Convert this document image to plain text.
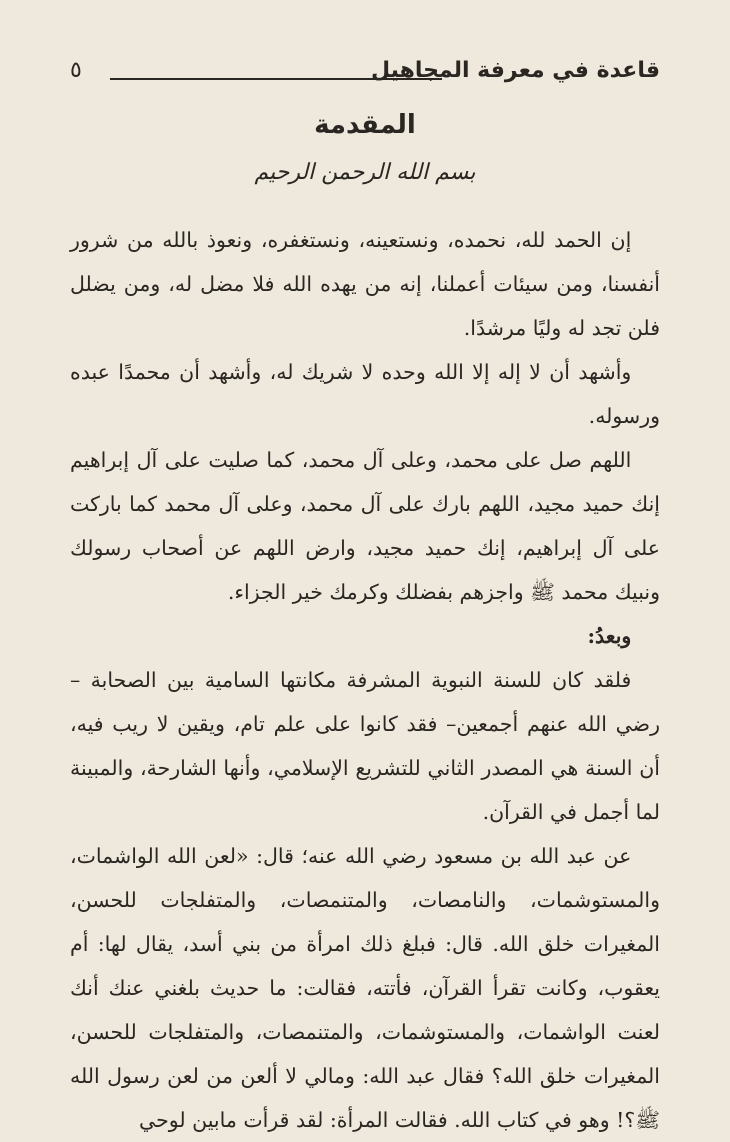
قاعدة في معرفة المجاهيل
٥
المقدمة
بسم الله الرحمن الرحيم

إن الحمد لله، نحمده، ونستعينه، ونستغفره، ونعوذ بالله من شرور أنفسنا، ومن سيئات أعملنا، إنه من يهده الله فلا مضل له، ومن يضلل فلن تجد له وليًا مرشدًا.

وأشهد أن لا إله إلا الله وحده لا شريك له، وأشهد أن محمدًا عبده ورسوله.

اللهم صل على محمد، وعلى آل محمد، كما صليت على آل إبراهيم إنك حميد مجيد، اللهم بارك على آل محمد، وعلى آل محمد كما باركت على آل إبراهيم، إنك حميد مجيد، وارض اللهم عن أصحاب رسولك ونبيك محمد ﷺ واجزهم بفضلك وكرمك خير الجزاء.

وبعدُ:

فلقد كان للسنة النبوية المشرفة مكانتها السامية بين الصحابة – رضي الله عنهم أجمعين– فقد كانوا على علم تام، ويقين لا ريب فيه، أن السنة هي المصدر الثاني للتشريع الإسلامي، وأنها الشارحة، والمبينة لما أجمل في القرآن.

عن عبد الله بن مسعود رضي الله عنه؛ قال: «لعن الله الواشمات، والمستوشمات، والنامصات، والمتنمصات، والمتفلجات للحسن، المغيرات خلق الله. قال: فبلغ ذلك امرأة من بني أسد، يقال لها: أم يعقوب، وكانت تقرأ القرآن، فأتته، فقالت: ما حديث بلغني عنك أنك لعنت الواشمات، والمستوشمات، والمتنمصات، والمتفلجات للحسن، المغيرات خلق الله؟ فقال عبد الله: ومالي لا ألعن من لعن رسول الله ﷺ؟! وهو في كتاب الله. فقالت المرأة: لقد قرأت مابين لوحي
